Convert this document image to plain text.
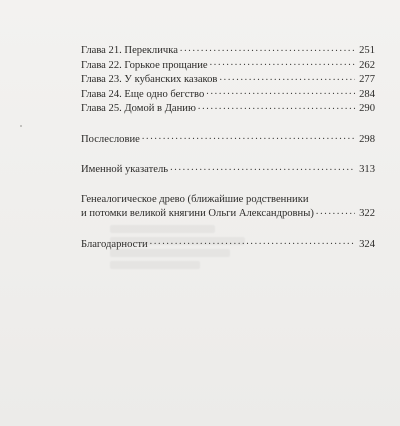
Глава 21. Перекличка . . .	251
Глава 22. Горькое прощание . . .	262
Глава 23. У кубанских казаков . . .	277
Глава 24. Еще одно бегство . . .	284
Глава 25. Домой в Данию . . .	290
Послесловие . . .	298
Именной указатель . . .	313
Генеалогическое древо (ближайшие родственники
и потомки великой княгини Ольги Александровны) . . .	322
Благодарности . . .	324
